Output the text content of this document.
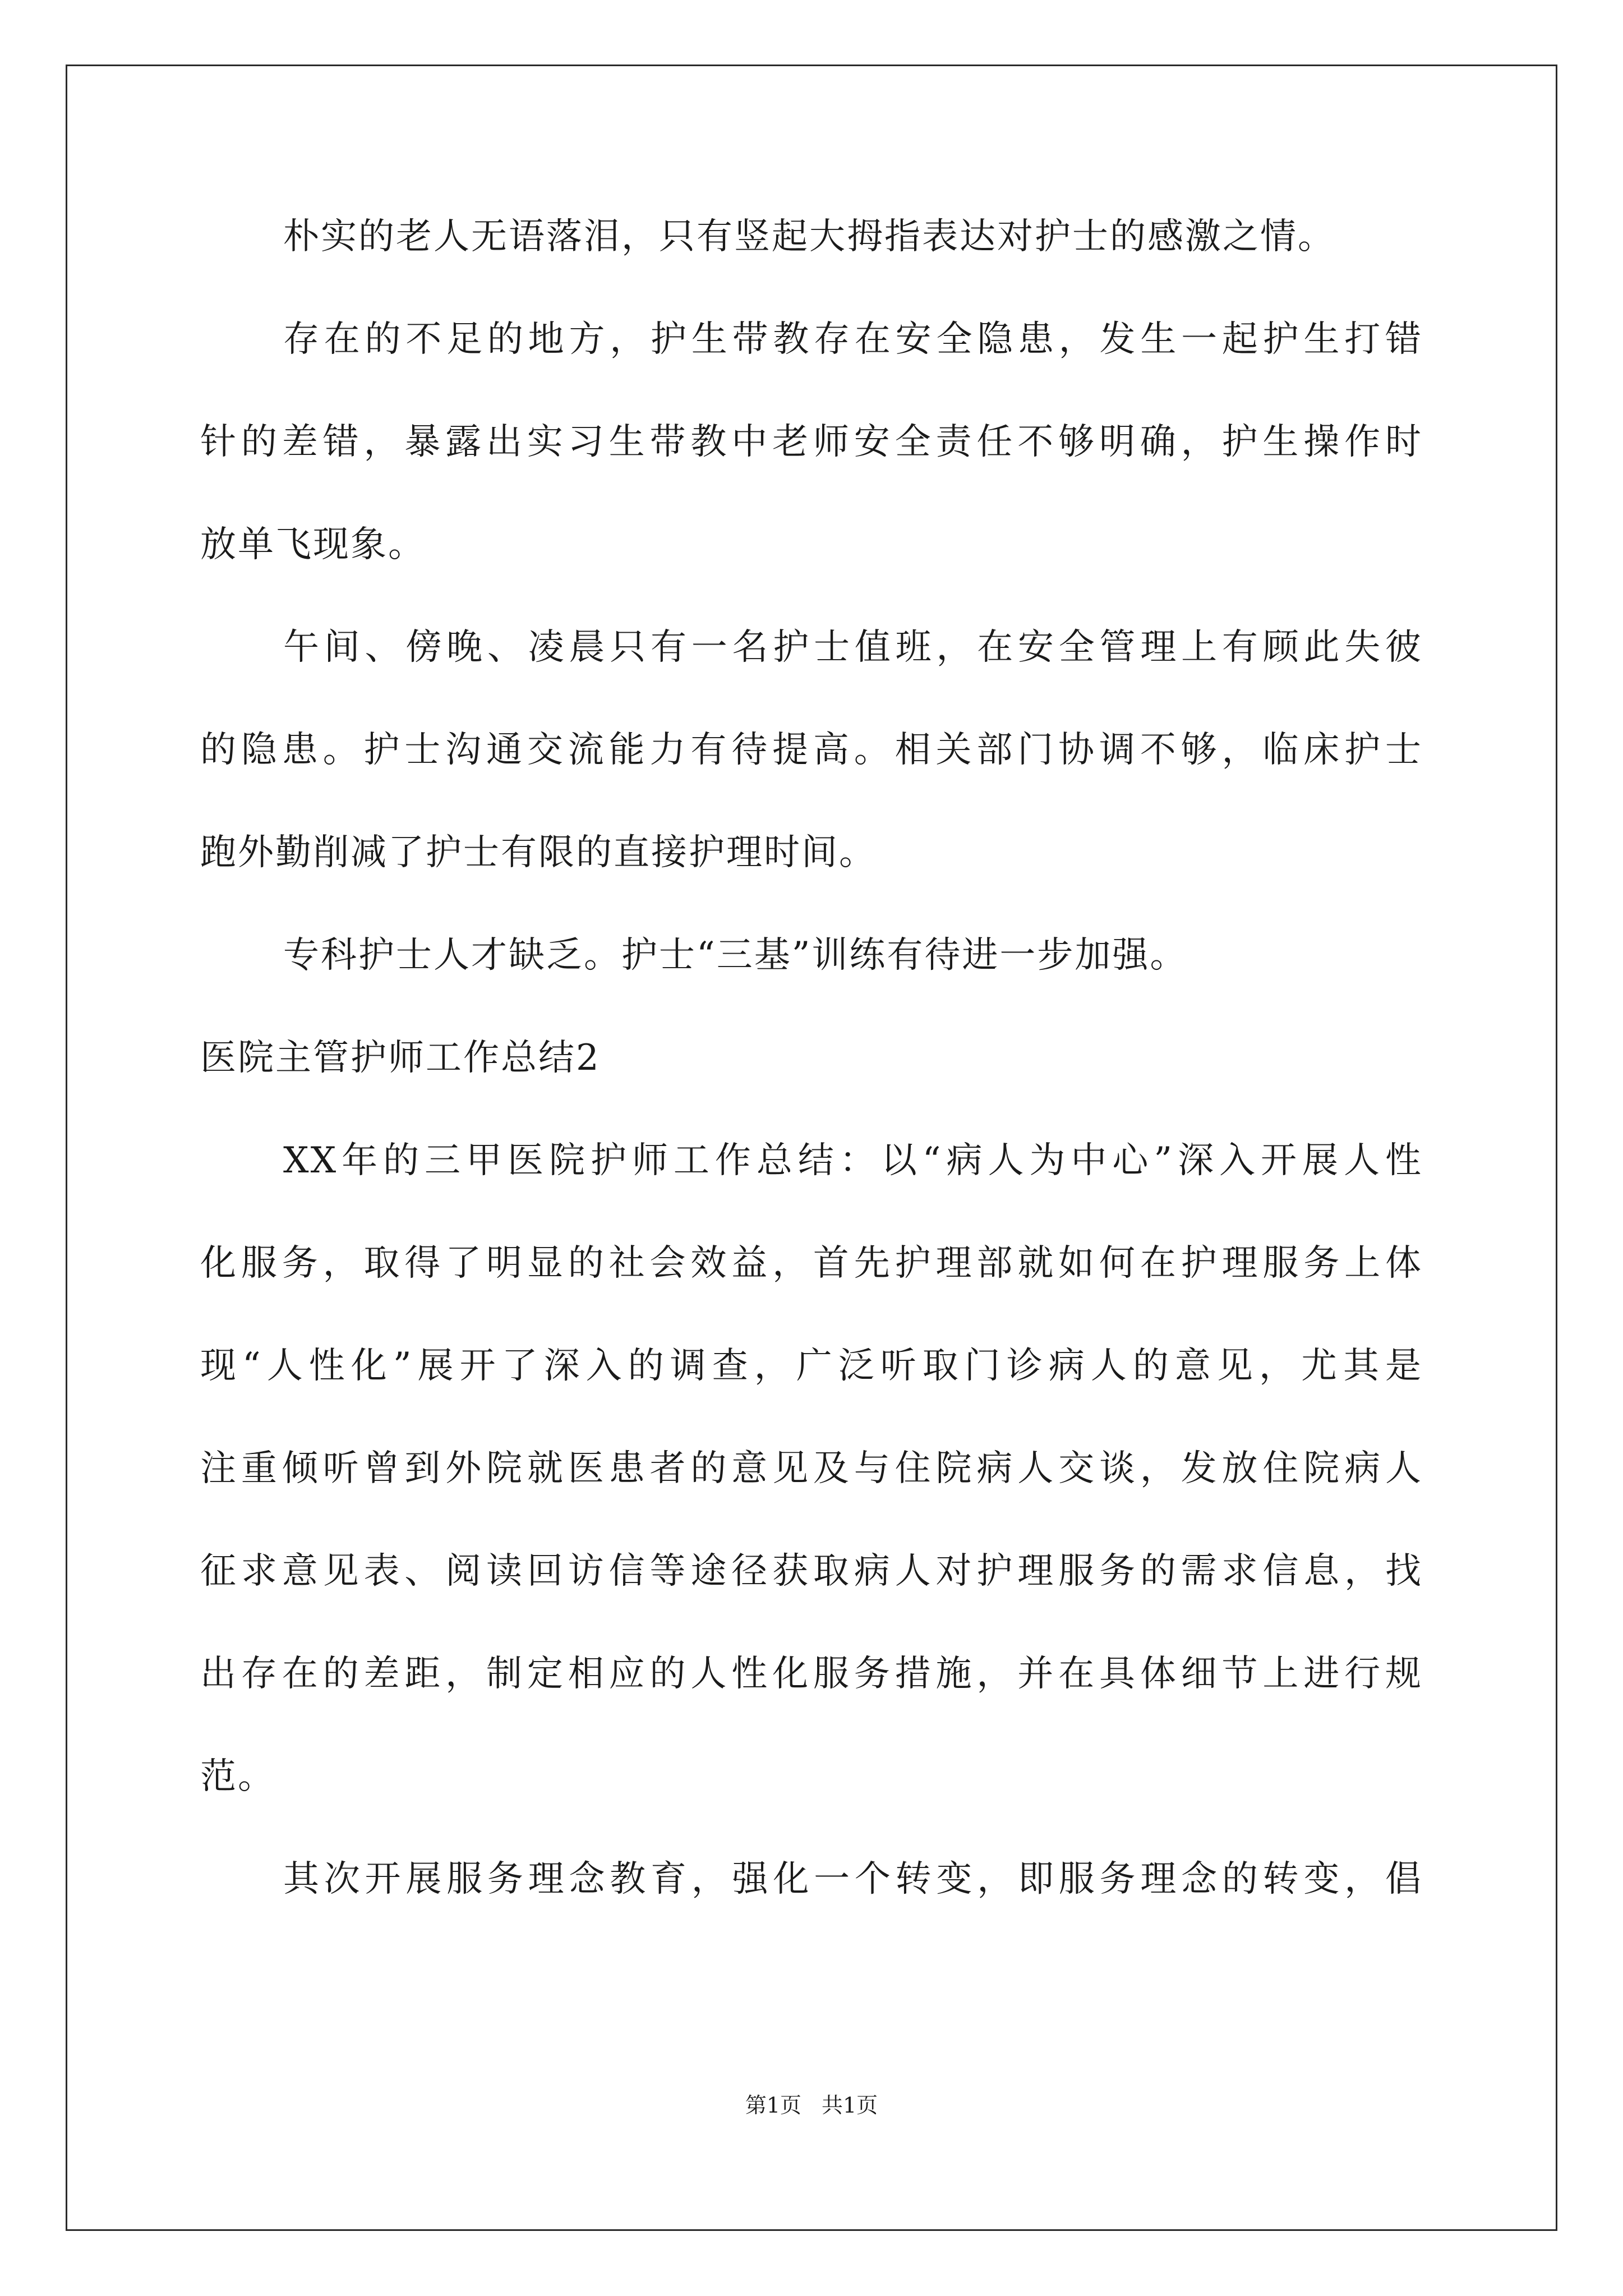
朴实的老人无语落泪，只有竖起大拇指表达对护士的感激之情。
存在的不足的地方，护生带教存在安全隐患，发生一起护生打错
针的差错，暴露出实习生带教中老师安全责任不够明确，护生操作时
放单飞现象。
午间、傍晚、凌晨只有一名护士值班，在安全管理上有顾此失彼
的隐患。护士沟通交流能力有待提高。相关部门协调不够，临床护士
跑外勤削减了护士有限的直接护理时间。
专科护士人才缺乏。护士“三基”训练有待进一步加强。
医院主管护师工作总结2
XX年的三甲医院护师工作总结：以“病人为中心”深入开展人性
化服务，取得了明显的社会效益，首先护理部就如何在护理服务上体
现“人性化”展开了深入的调查，广泛听取门诊病人的意见，尤其是
注重倾听曾到外院就医患者的意见及与住院病人交谈，发放住院病人
征求意见表、阅读回访信等途径获取病人对护理服务的需求信息，找
出存在的差距，制定相应的人性化服务措施，并在具体细节上进行规
范。
其次开展服务理念教育，强化一个转变，即服务理念的转变，倡
第1页 共1页
